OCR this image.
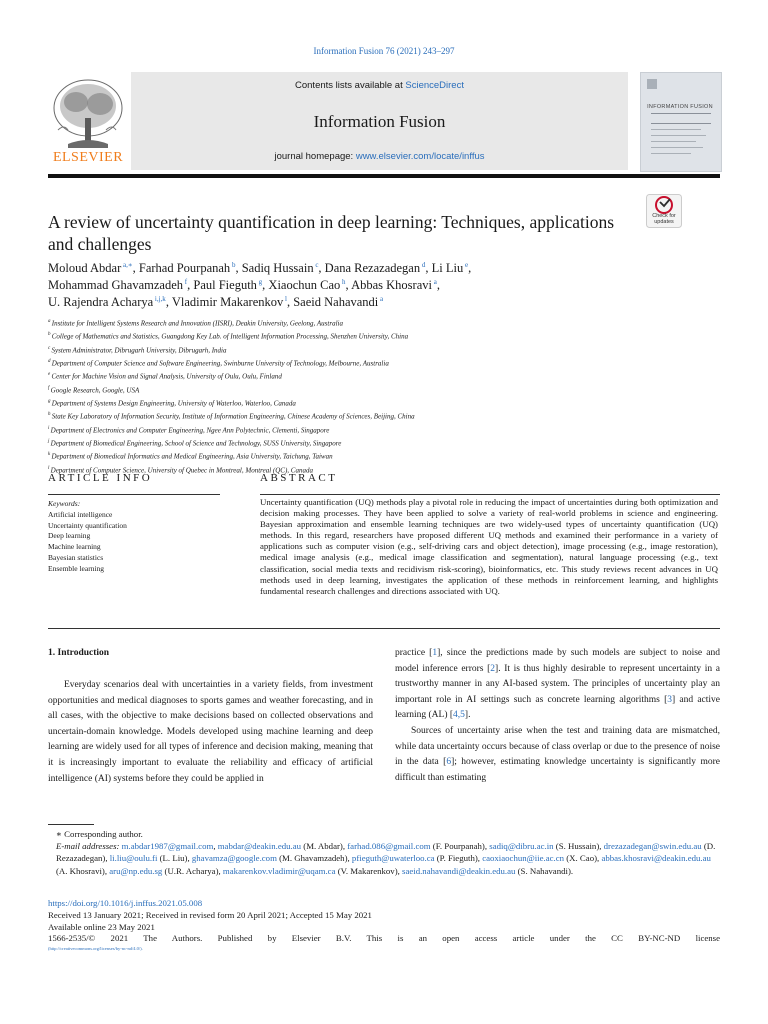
Information Fusion 76 (2021) 243–297
ELSEVIER
Contents lists available at ScienceDirect
Information Fusion
journal homepage: www.elsevier.com/locate/inffus
INFORMATION FUSION
Check for updates
A review of uncertainty quantification in deep learning: Techniques, applications and challenges
Moloud Abdar $^{a,∗}$, Farhad Pourpanah $^b$, Sadiq Hussain $^c$, Dana Rezazadegan $^d$, Li Liu $^e$,
Mohammad Ghavamzadeh $^f$, Paul Fieguth $^g$, Xiaochun Cao $^h$, Abbas Khosravi $^a$,
U. Rajendra Acharya $^{i,j,k}$, Vladimir Makarenkov $^l$, Saeid Nahavandi $^a$
$^a$ Institute for Intelligent Systems Research and Innovation (IISRI), Deakin University, Geelong, Australia
$^b$ College of Mathematics and Statistics, Guangdong Key Lab. of Intelligent Information Processing, Shenzhen University, China
$^c$ System Administrator, Dibrugarh University, Dibrugarh, India
$^d$ Department of Computer Science and Software Engineering, Swinburne University of Technology, Melbourne, Australia
$^e$ Center for Machine Vision and Signal Analysis, University of Oulu, Oulu, Finland
$^f$ Google Research, Google, USA
$^g$ Department of Systems Design Engineering, University of Waterloo, Waterloo, Canada
$^h$ State Key Laboratory of Information Security, Institute of Information Engineering, Chinese Academy of Sciences, Beijing, China
$^i$ Department of Electronics and Computer Engineering, Ngee Ann Polytechnic, Clementi, Singapore
$^j$ Department of Biomedical Engineering, School of Science and Technology, SUSS University, Singapore
$^k$ Department of Biomedical Informatics and Medical Engineering, Asia University, Taichung, Taiwan
$^l$ Department of Computer Science, University of Quebec in Montreal, Montreal (QC), Canada
ARTICLE INFO
Keywords:
Artificial intelligence
Uncertainty quantification
Deep learning
Machine learning
Bayesian statistics
Ensemble learning
ABSTRACT
Uncertainty quantification (UQ) methods play a pivotal role in reducing the impact of uncertainties during both optimization and decision making processes. They have been applied to solve a variety of real-world problems in science and engineering. Bayesian approximation and ensemble learning techniques are two widely-used types of uncertainty quantification (UQ) methods. In this regard, researchers have proposed different UQ methods and examined their performance in a variety of applications such as computer vision (e.g., self-driving cars and object detection), image processing (e.g., image restoration), medical image analysis (e.g., medical image classification and segmentation), natural language processing (e.g., text classification, social media texts and recidivism risk-scoring), bioinformatics, etc. This study reviews recent advances in UQ methods used in deep learning, investigates the application of these methods in reinforcement learning, and highlights fundamental research challenges and directions associated with UQ.
1. Introduction
Everyday scenarios deal with uncertainties in a variety fields, from investment opportunities and medical diagnoses to sports games and weather forecasting, and in all cases, with the objective to make decisions based on collected observations and uncertain-domain knowledge. Models developed using machine learning and deep learning are widely used for all types of inference and decision making, meaning that it is increasingly important to evaluate the reliability and efficacy of artificial intelligence (AI) systems before they could be applied in

practice [1], since the predictions made by such models are subject to noise and model inference errors [2]. It is thus highly desirable to represent uncertainty in a trustworthy manner in any AI-based system. The principles of uncertainty play an important role in AI settings such as concrete learning algorithms [3] and active learning (AL) [4,5].

Sources of uncertainty arise when the test and training data are mismatched, while data uncertainty occurs because of class overlap or due to the presence of noise in the data [6]; however, estimating knowledge uncertainty is significantly more difficult than estimating

∗ Corresponding author.
E-mail addresses: m.abdar1987@gmail.com, mabdar@deakin.edu.au (M. Abdar), farhad.086@gmail.com (F. Pourpanah), sadiq@dibru.ac.in (S. Hussain), drezazadegan@swin.edu.au (D. Rezazadegan), li.liu@oulu.fi (L. Liu), ghavamza@google.com (M. Ghavamzadeh), pfieguth@uwaterloo.ca (P. Fieguth), caoxiaochun@iie.ac.cn (X. Cao), abbas.khosravi@deakin.edu.au (A. Khosravi), aru@np.edu.sg (U.R. Acharya), makarenkov.vladimir@uqam.ca (V. Makarenkov), saeid.nahavandi@deakin.edu.au (S. Nahavandi).
https://doi.org/10.1016/j.inffus.2021.05.008
Received 13 January 2021; Received in revised form 20 April 2021; Accepted 15 May 2021
Available online 23 May 2021
1566-2535/© 2021 The Authors. Published by Elsevier B.V. This is an open access article under the CC BY-NC-ND license
(http://creativecommons.org/licenses/by-nc-nd/4.0/).
